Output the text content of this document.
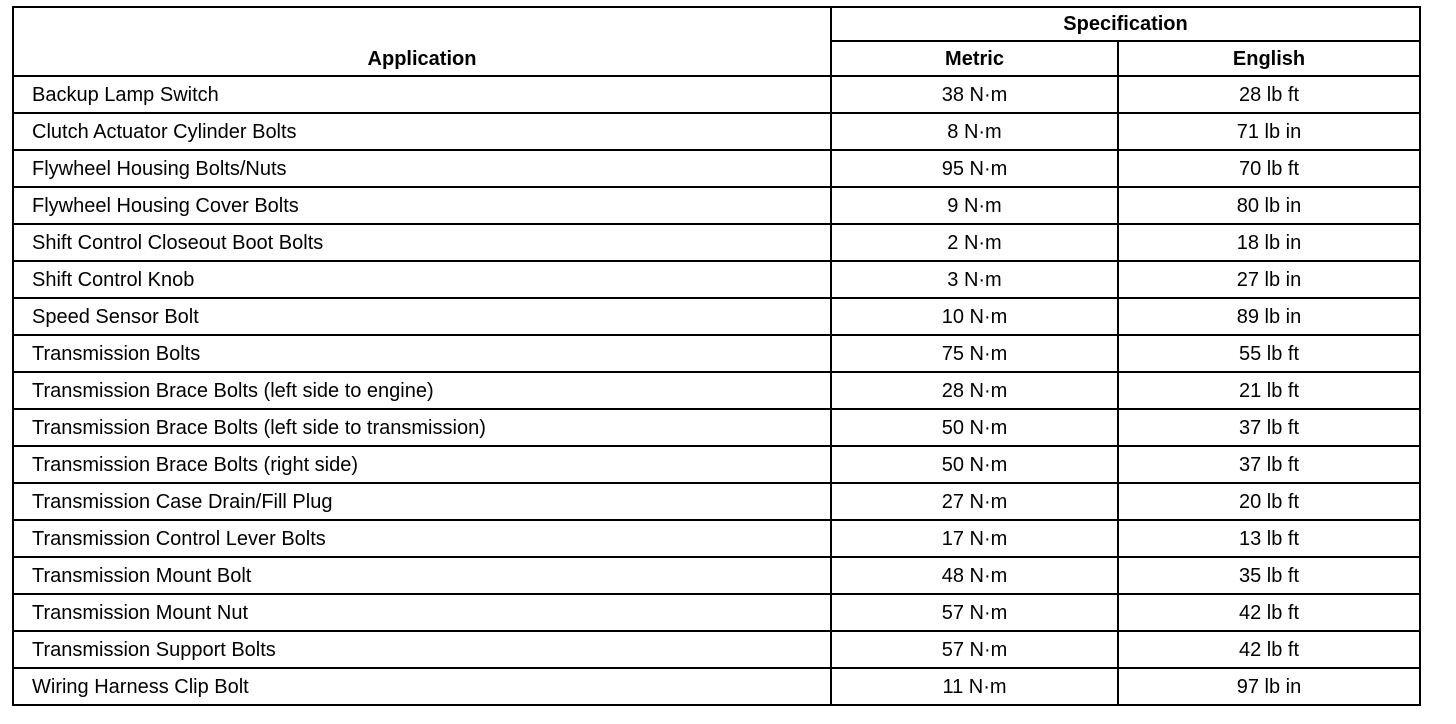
Application	Specification	
	Metric	English
Backup Lamp Switch	38 N·m	28 lb ft
Clutch Actuator Cylinder Bolts	8 N·m	71 lb in
Flywheel Housing Bolts/Nuts	95 N·m	70 lb ft
Flywheel Housing Cover Bolts	9 N·m	80 lb in
Shift Control Closeout Boot Bolts	2 N·m	18 lb in
Shift Control Knob	3 N·m	27 lb in
Speed Sensor Bolt	10 N·m	89 lb in
Transmission Bolts	75 N·m	55 lb ft
Transmission Brace Bolts (left side to engine)	28 N·m	21 lb ft
Transmission Brace Bolts (left side to transmission)	50 N·m	37 lb ft
Transmission Brace Bolts (right side)	50 N·m	37 lb ft
Transmission Case Drain/Fill Plug	27 N·m	20 lb ft
Transmission Control Lever Bolts	17 N·m	13 lb ft
Transmission Mount Bolt	48 N·m	35 lb ft
Transmission Mount Nut	57 N·m	42 lb ft
Transmission Support Bolts	57 N·m	42 lb ft
Wiring Harness Clip Bolt	11 N·m	97 lb in
